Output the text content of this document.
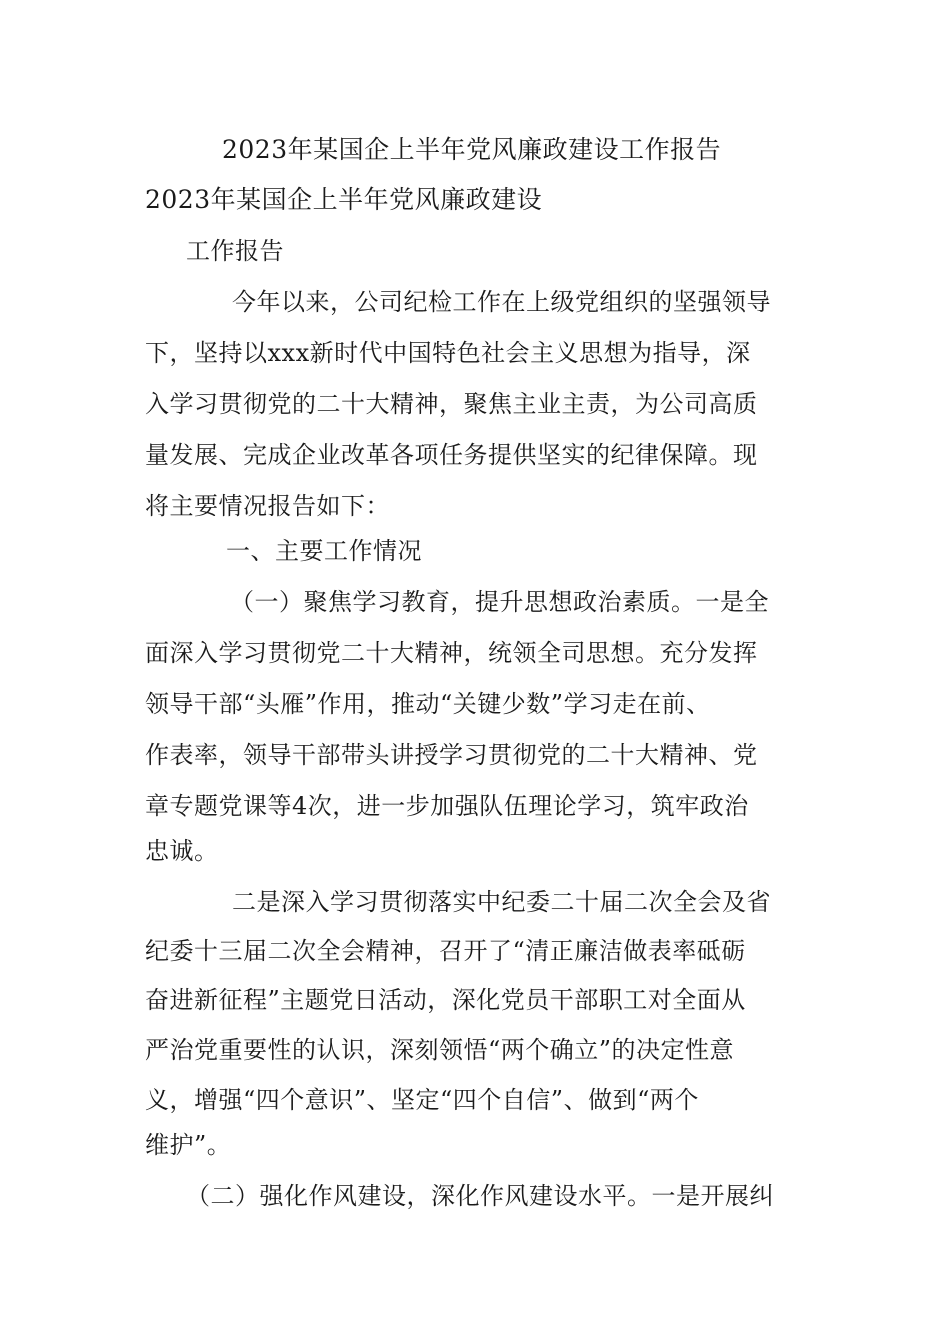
2023年某国企上半年党风廉政建设工作报告
2023年某国企上半年党风廉政建设
工作报告
今年以来，公司纪检工作在上级党组织的坚强领导
下，坚持以xxx新时代中国特色社会主义思想为指导，深
入学习贯彻党的二十大精神，聚焦主业主责，为公司高质
量发展、完成企业改革各项任务提供坚实的纪律保障。现
将主要情况报告如下：
一、主要工作情况
（一）聚焦学习教育，提升思想政治素质。一是全
面深入学习贯彻党二十大精神，统领全司思想。充分发挥
领导干部“头雁”作用，推动“关键少数”学习走在前、
作表率，领导干部带头讲授学习贯彻党的二十大精神、党
章专题党课等4次，进一步加强队伍理论学习，筑牢政治
忠诚。
二是深入学习贯彻落实中纪委二十届二次全会及省
纪委十三届二次全会精神，召开了“清正廉洁做表率砥砺
奋进新征程”主题党日活动，深化党员干部职工对全面从
严治党重要性的认识，深刻领悟“两个确立”的决定性意
义，增强“四个意识”、坚定“四个自信”、做到“两个
维护”。
（二）强化作风建设，深化作风建设水平。一是开展纠
